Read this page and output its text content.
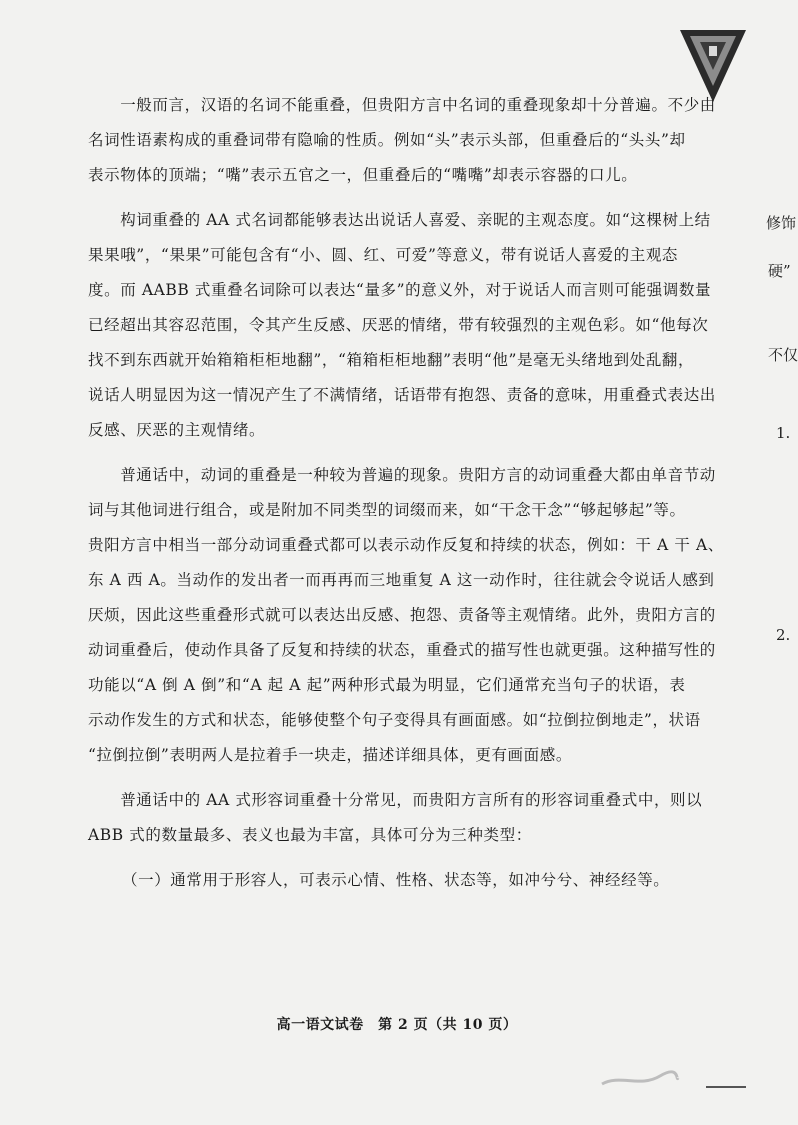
　　一般而言，汉语的名词不能重叠，但贵阳方言中名词的重叠现象却十分普遍。不少由
名词性语素构成的重叠词带有隐喻的性质。例如“头”表示头部，但重叠后的“头头”却
表示物体的顶端；“嘴”表示五官之一，但重叠后的“嘴嘴”却表示容器的口儿。
　　构词重叠的 AA 式名词都能够表达出说话人喜爱、亲昵的主观态度。如“这棵树上结
果果哦”，“果果”可能包含有“小、圆、红、可爱”等意义，带有说话人喜爱的主观态
度。而 AABB 式重叠名词除可以表达“量多”的意义外，对于说话人而言则可能强调数量
已经超出其容忍范围，令其产生反感、厌恶的情绪，带有较强烈的主观色彩。如“他每次
找不到东西就开始箱箱柜柜地翻”，“箱箱柜柜地翻”表明“他”是毫无头绪地到处乱翻，
说话人明显因为这一情况产生了不满情绪，话语带有抱怨、责备的意味，用重叠式表达出
反感、厌恶的主观情绪。
　　普通话中，动词的重叠是一种较为普遍的现象。贵阳方言的动词重叠大都由单音节动
词与其他词进行组合，或是附加不同类型的词缀而来，如“干念干念”“够起够起”等。
贵阳方言中相当一部分动词重叠式都可以表示动作反复和持续的状态，例如：干 A 干 A、
东 A 西 A。当动作的发出者一而再再而三地重复 A 这一动作时，往往就会令说话人感到
厌烦，因此这些重叠形式就可以表达出反感、抱怨、责备等主观情绪。此外，贵阳方言的
动词重叠后，使动作具备了反复和持续的状态，重叠式的描写性也就更强。这种描写性的
功能以“A 倒 A 倒”和“A 起 A 起”两种形式最为明显，它们通常充当句子的状语，表
示动作发生的方式和状态，能够使整个句子变得具有画面感。如“拉倒拉倒地走”，状语
“拉倒拉倒”表明两人是拉着手一块走，描述详细具体，更有画面感。
　　普通话中的 AA 式形容词重叠十分常见，而贵阳方言所有的形容词重叠式中，则以
ABB 式的数量最多、表义也最为丰富，具体可分为三种类型：
（一）通常用于形容人，可表示心情、性格、状态等，如冲兮兮、神经经等。
修饰
硬”
不仅
1.
2.
高一语文试卷　第 2 页（共 10 页）
